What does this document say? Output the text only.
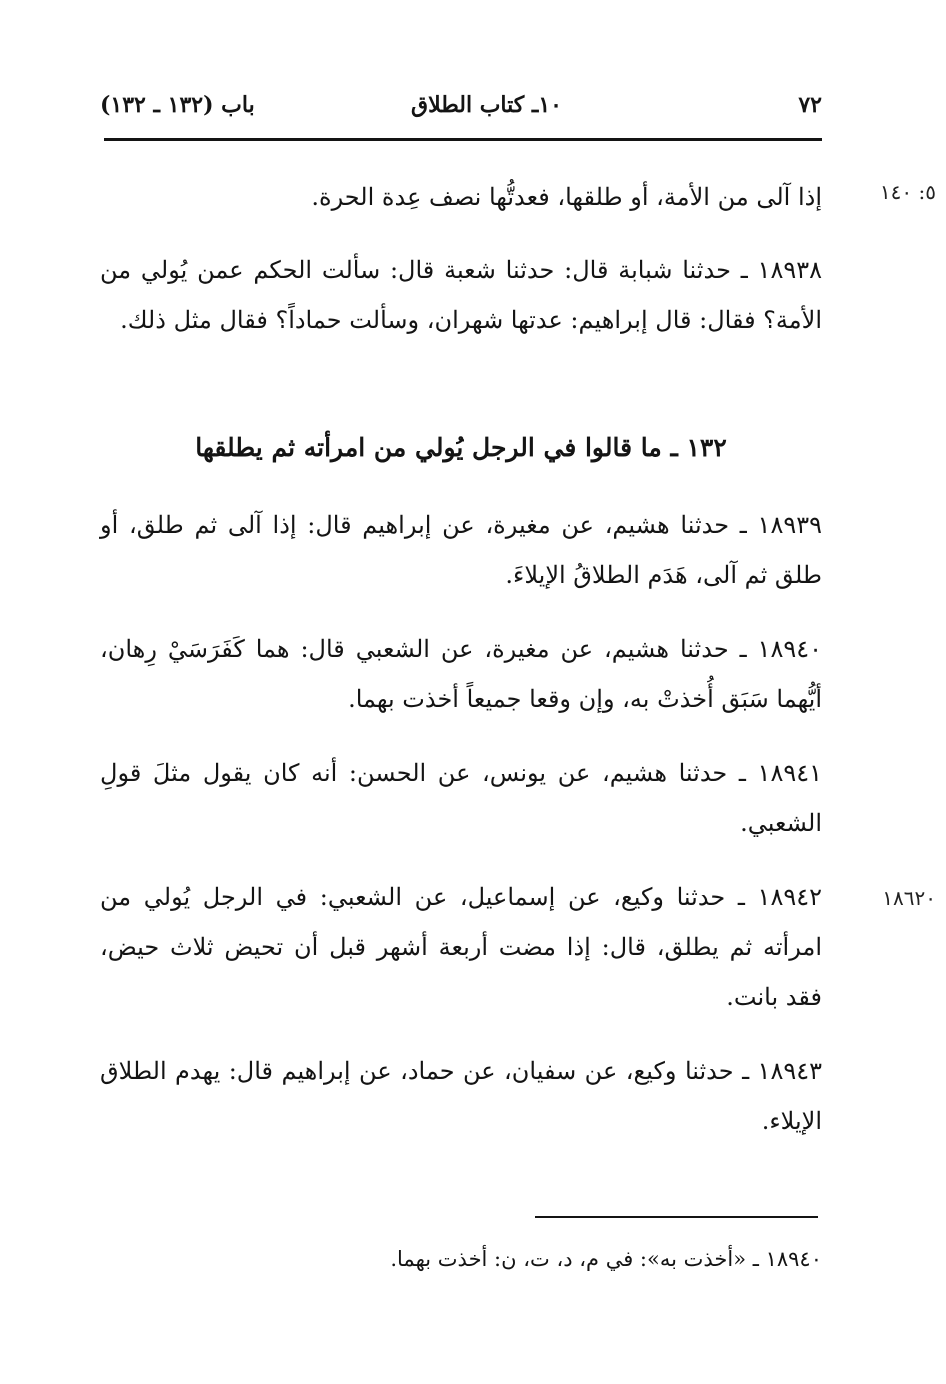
٧٢
١٠ـ كتاب الطلاق
باب (١٣٢ ـ ١٣٢)
٥: ١٤٠
إذا آلى من الأمة، أو طلقها، فعدتُّها نصف عِدة الحرة.
١٨٩٣٨ ـ حدثنا شبابة قال: حدثنا شعبة قال: سألت الحكم عمن يُولي من الأمة؟ فقال: قال إبراهيم: عدتها شهران، وسألت حماداً؟ فقال مثل ذلك.
١٣٢ ـ ما قالوا في الرجل يُولي من امرأته ثم يطلقها
١٨٩٣٩ ـ حدثنا هشيم، عن مغيرة، عن إبراهيم قال: إذا آلى ثم طلق، أو طلق ثم آلى، هَدَم الطلاقُ الإيلاءَ.
١٨٩٤٠ ـ حدثنا هشيم، عن مغيرة، عن الشعبي قال: هما كَفَرَسَيْ رِهان، أيُّهما سَبَق أُخذتْ به، وإن وقعا جميعاً أخذت بهما.
١٨٩٤١ ـ حدثنا هشيم، عن يونس، عن الحسن: أنه كان يقول مثلَ قولِ الشعبي.
١٨٦٢٠
١٨٩٤٢ ـ حدثنا وكيع، عن إسماعيل، عن الشعبي: في الرجل يُولي من امرأته ثم يطلق، قال: إذا مضت أربعة أشهر قبل أن تحيض ثلاث حيض، فقد بانت.
١٨٩٤٣ ـ حدثنا وكيع، عن سفيان، عن حماد، عن إبراهيم قال: يهدم الطلاق الإيلاء.
١٨٩٤٠ ـ «أخذت به»: في م، د، ت، ن: أخذت بهما.
